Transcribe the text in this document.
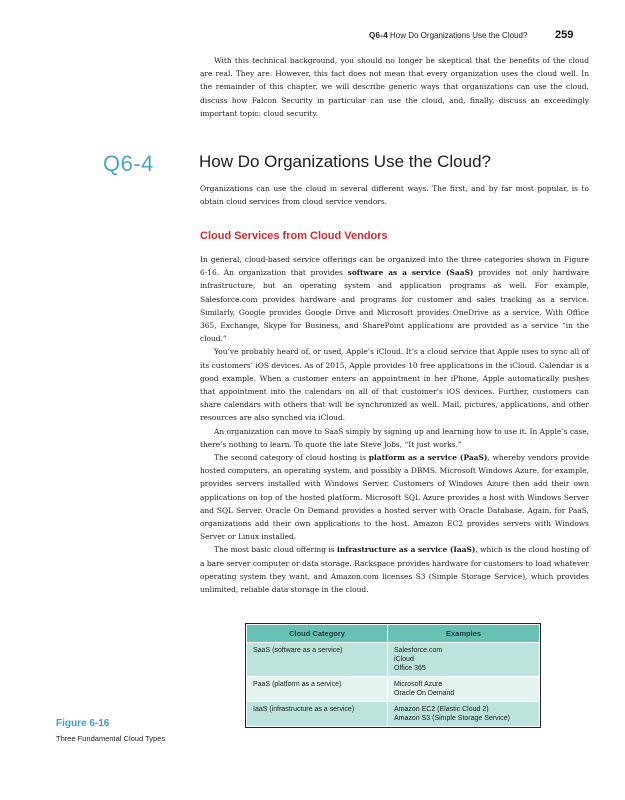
Q6-4 How Do Organizations Use the Cloud?	259

With this technical background, you should no longer be skeptical that the benefits of the cloud are real. They are. However, this fact does not mean that every organization uses the cloud well. In the remainder of this chapter, we will describe generic ways that organizations can use the cloud, discuss how Falcon Security in particular can use the cloud, and, finally, discuss an exceedingly important topic: cloud security.

Q6-4	How Do Organizations Use the Cloud?

Organizations can use the cloud in several different ways. The first, and by far most popular, is to obtain cloud services from cloud service vendors.

Cloud Services from Cloud Vendors

In general, cloud-based service offerings can be organized into the three categories shown in Figure 6-16. An organization that provides software as a service (SaaS) provides not only hardware infrastructure, but an operating system and application programs as well. For example, Salesforce.com provides hardware and programs for customer and sales tracking as a service. Similarly, Google provides Google Drive and Microsoft provides OneDrive as a service. With Office 365, Exchange, Skype for Business, and SharePoint applications are provided as a service “in the cloud.”

You’ve probably heard of, or used, Apple’s iCloud. It’s a cloud service that Apple uses to sync all of its customers’ iOS devices. As of 2015, Apple provides 10 free applications in the iCloud. Calendar is a good example. When a customer enters an appointment in her iPhone, Apple automatically pushes that appointment into the calendars on all of that customer’s iOS devices. Further, customers can share calendars with others that will be synchronized as well. Mail, pictures, applications, and other resources are also synched via iCloud.

An organization can move to SaaS simply by signing up and learning how to use it. In Apple’s case, there’s nothing to learn. To quote the late Steve Jobs, “It just works.”

The second category of cloud hosting is platform as a service (PaaS), whereby vendors provide hosted computers, an operating system, and possibly a DBMS. Microsoft Windows Azure, for example, provides servers installed with Windows Server. Customers of Windows Azure then add their own applications on top of the hosted platform. Microsoft SQL Azure provides a host with Windows Server and SQL Server. Oracle On Demand provides a hosted server with Oracle Database. Again, for PaaS, organizations add their own applications to the host. Amazon EC2 provides servers with Windows Server or Linux installed.

The most basic cloud offering is infrastructure as a service (IaaS), which is the cloud hosting of a bare server computer or data storage. Rackspace provides hardware for customers to load whatever operating system they want, and Amazon.com licenses S3 (Simple Storage Service), which provides unlimited, reliable data storage in the cloud.

Cloud Category	Examples
SaaS (software as a service)	Salesforce.com
iCloud
Office 365

PaaS (platform as a service)	Microsoft Azure
Oracle On Demand

IaaS (infrastructure as a service)	Amazon EC2 (Elastic Cloud 2)
Amazon S3 (Simple Storage Service)
Figure 6-16
Three Fundamental Cloud Types
